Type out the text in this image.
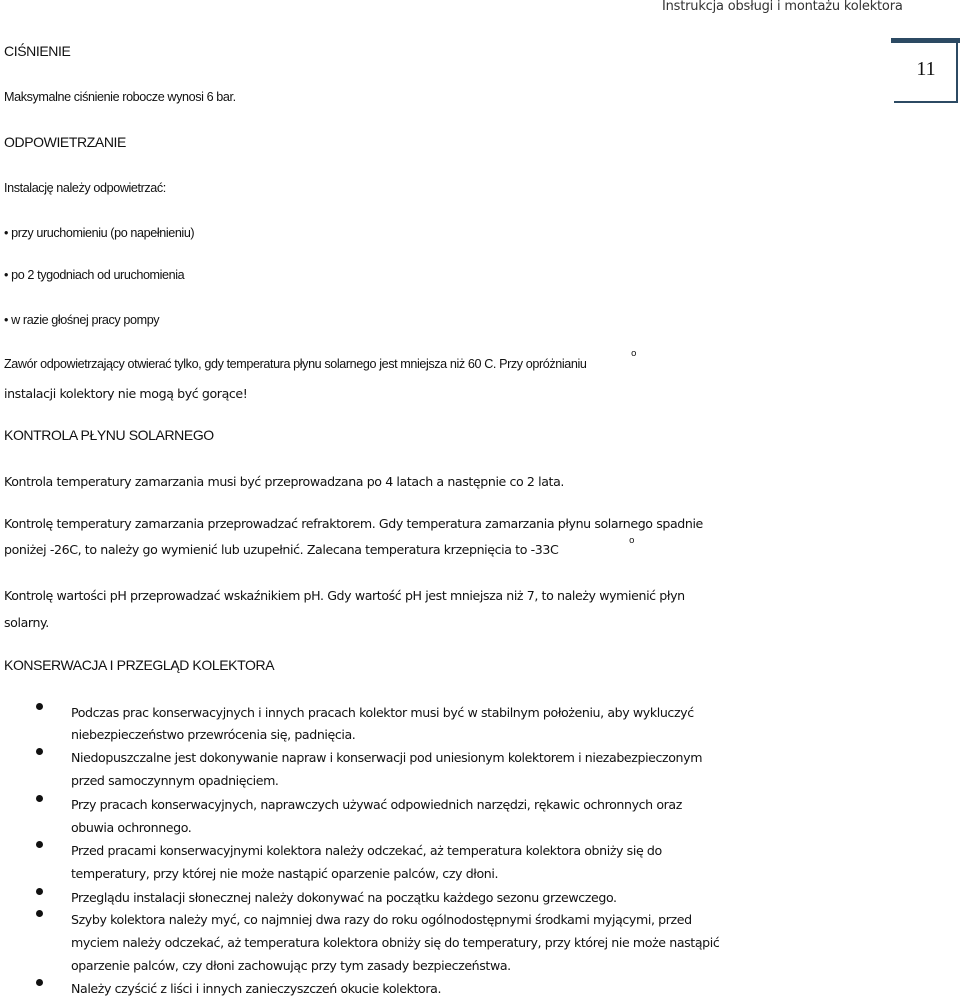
Instrukcja obsługi i montażu kolektora
11
CIŚNIENIE
Maksymalne ciśnienie robocze wynosi 6 bar.
ODPOWIETRZANIE
Instalację należy odpowietrzać:
• przy uruchomieniu (po napełnieniu)
• po 2 tygodniach od uruchomienia
• w razie głośnej pracy pompy
Zawór odpowietrzający otwierać tylko, gdy temperatura płynu solarnego jest mniejsza niż 60 C. Przy opróżnianiu
o
instalacji kolektory nie mogą być gorące!
KONTROLA PŁYNU SOLARNEGO
Kontrola temperatury zamarzania musi być przeprowadzana po 4 latach a następnie co 2 lata.
Kontrolę temperatury zamarzania przeprowadzać refraktorem. Gdy temperatura zamarzania płynu solarnego spadnie
poniżej -26C, to należy go wymienić lub uzupełnić. Zalecana temperatura krzepnięcia to -33C
o
Kontrolę wartości pH przeprowadzać wskaźnikiem pH. Gdy wartość pH jest mniejsza niż 7, to należy wymienić płyn
solarny.
KONSERWACJA I PRZEGLĄD KOLEKTORA
Podczas prac konserwacyjnych i innych pracach kolektor musi być w stabilnym położeniu, aby wykluczyć
niebezpieczeństwo przewrócenia się, padnięcia.
Niedopuszczalne jest dokonywanie napraw i konserwacji pod uniesionym kolektorem i niezabezpieczonym
przed samoczynnym opadnięciem.
Przy pracach konserwacyjnych, naprawczych używać odpowiednich narzędzi, rękawic ochronnych oraz
obuwia ochronnego.
Przed pracami konserwacyjnymi kolektora należy odczekać, aż temperatura kolektora obniży się do
temperatury, przy której nie może nastąpić oparzenie palców, czy dłoni.
Przeglądu instalacji słonecznej należy dokonywać na początku każdego sezonu grzewczego.
Szyby kolektora należy myć, co najmniej dwa razy do roku ogólnodostępnymi środkami myjącymi, przed
myciem należy odczekać, aż temperatura kolektora obniży się do temperatury, przy której nie może nastąpić
oparzenie palców, czy dłoni zachowując przy tym zasady bezpieczeństwa.
Należy czyścić z liści i innych zanieczyszczeń okucie kolektora.
